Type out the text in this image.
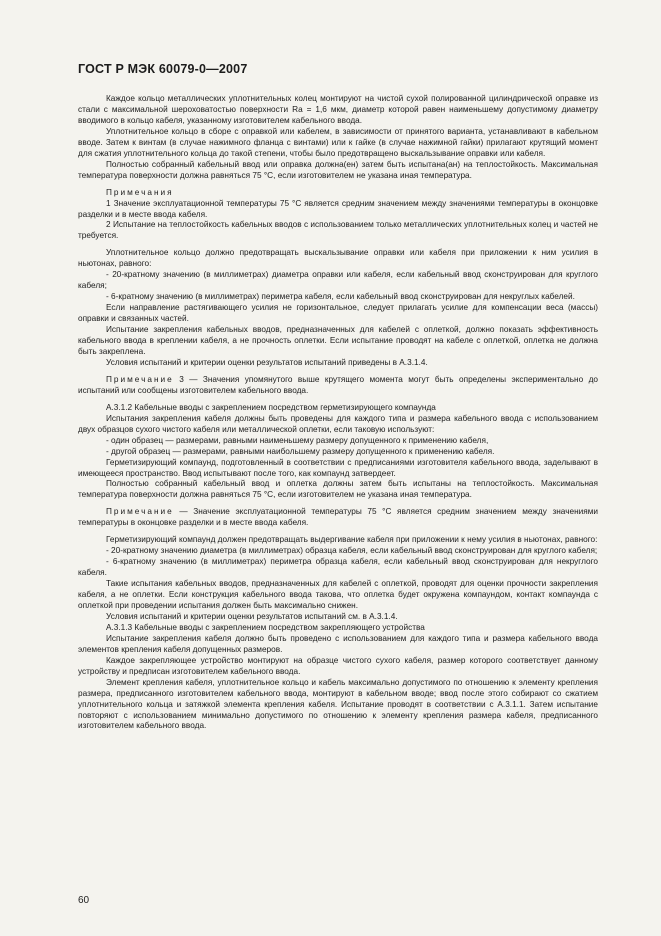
ГОСТ Р МЭК 60079-0—2007

Каждое кольцо металлических уплотнительных колец монтируют на чистой сухой полированной цилиндрической оправке из стали с максимальной шероховатостью поверхности Ra = 1,6 мкм, диаметр которой равен наименьшему допустимому диаметру вводимого в кольцо кабеля, указанному изготовителем кабельного ввода.

Уплотнительное кольцо в сборе с оправкой или кабелем, в зависимости от принятого варианта, устанавливают в кабельном вводе. Затем к винтам (в случае нажимного фланца с винтами) или к гайке (в случае нажимной гайки) прилагают крутящий момент для сжатия уплотнительного кольца до такой степени, чтобы было предотвращено выскальзывание оправки или кабеля.

Полностью собранный кабельный ввод или оправка должна(ен) затем быть испытана(ан) на теплостойкость. Максимальная температура поверхности должна равняться 75 °С, если изготовителем не указана иная температура.

Примечания

1 Значение эксплуатационной температуры 75 °С является средним значением между значениями температуры в оконцовке разделки и в месте ввода кабеля.

2 Испытание на теплостойкость кабельных вводов с использованием только металлических уплотнительных колец и частей не требуется.

Уплотнительное кольцо должно предотвращать выскальзывание оправки или кабеля при приложении к ним усилия в ньютонах, равного:

- 20-кратному значению (в миллиметрах) диаметра оправки или кабеля, если кабельный ввод сконструирован для круглого кабеля;

- 6-кратному значению (в миллиметрах) периметра кабеля, если кабельный ввод сконструирован для некруглых кабелей.

Если направление растягивающего усилия не горизонтальное, следует прилагать усилие для компенсации веса (массы) оправки и связанных частей.

Испытание закрепления кабельных вводов, предназначенных для кабелей с оплеткой, должно показать эффективность кабельного ввода в креплении кабеля, а не прочность оплетки. Если испытание проводят на кабеле с оплеткой, оплетка не должна быть закреплена.

Условия испытаний и критерии оценки результатов испытаний приведены в А.3.1.4.

Примечание 3 — Значения упомянутого выше крутящего момента могут быть определены экспериментально до испытаний или сообщены изготовителем кабельного ввода.

А.3.1.2 Кабельные вводы с закреплением посредством герметизирующего компаунда

Испытания закрепления кабеля должны быть проведены для каждого типа и размера кабельного ввода с использованием двух образцов сухого чистого кабеля или металлической оплетки, если таковую используют:

- один образец — размерами, равными наименьшему размеру допущенного к применению кабеля,

- другой образец — размерами, равными наибольшему размеру допущенного к применению кабеля.

Герметизирующий компаунд, подготовленный в соответствии с предписаниями изготовителя кабельного ввода, заделывают в имеющееся пространство. Ввод испытывают после того, как компаунд затвердеет.

Полностью собранный кабельный ввод и оплетка должны затем быть испытаны на теплостойкость. Максимальная температура поверхности должна равняться 75 °С, если изготовителем не указана иная температура.

Примечание — Значение эксплуатационной температуры 75 °С является средним значением между значениями температуры в оконцовке разделки и в месте ввода кабеля.

Герметизирующий компаунд должен предотвращать выдергивание кабеля при приложении к нему усилия в ньютонах, равного:

- 20-кратному значению диаметра (в миллиметрах) образца кабеля, если кабельный ввод сконструирован для круглого кабеля;

- 6-кратному значению (в миллиметрах) периметра образца кабеля, если кабельный ввод сконструирован для некруглого кабеля.

Такие испытания кабельных вводов, предназначенных для кабелей с оплеткой, проводят для оценки прочности закрепления кабеля, а не оплетки. Если конструкция кабельного ввода такова, что оплетка будет окружена компаундом, контакт компаунда с оплеткой при проведении испытания должен быть максимально снижен.

Условия испытаний и критерии оценки результатов испытаний см. в А.3.1.4.

А.3.1.3 Кабельные вводы с закреплением посредством закрепляющего устройства

Испытание закрепления кабеля должно быть проведено с использованием для каждого типа и размера кабельного ввода элементов крепления кабеля допущенных размеров.

Каждое закрепляющее устройство монтируют на образце чистого сухого кабеля, размер которого соответствует данному устройству и предписан изготовителем кабельного ввода.

Элемент крепления кабеля, уплотнительное кольцо и кабель максимально допустимого по отношению к элементу крепления размера, предписанного изготовителем кабельного ввода, монтируют в кабельном вводе; ввод после этого собирают со сжатием уплотнительного кольца и затяжкой элемента крепления кабеля. Испытание проводят в соответствии с А.3.1.1. Затем испытание повторяют с использованием минимально допустимого по отношению к элементу крепления размера кабеля, предписанного изготовителем кабельного ввода.

60
